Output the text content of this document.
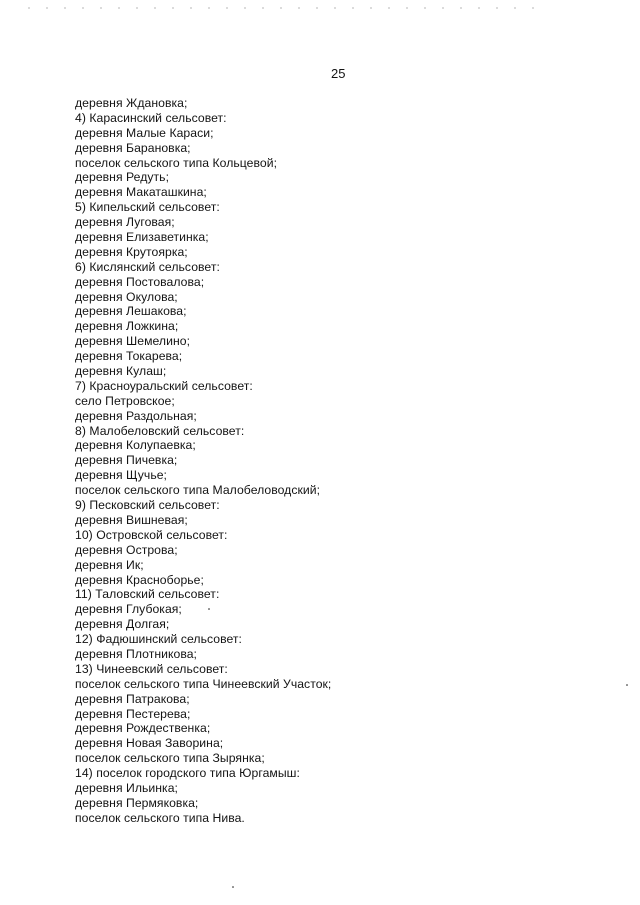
25
деревня Ждановка;
4) Карасинский сельсовет:
деревня Малые Караси;
деревня Барановка;
поселок сельского типа Кольцевой;
деревня Редуть;
деревня Макаташкина;
5) Кипельский сельсовет:
деревня Луговая;
деревня Елизаветинка;
деревня Крутоярка;
6) Кислянский сельсовет:
деревня Постовалова;
деревня Окулова;
деревня Лешакова;
деревня Ложкина;
деревня Шемелино;
деревня Токарева;
деревня Кулаш;
7) Красноуральский сельсовет:
село Петровское;
деревня Раздольная;
8) Малобеловский сельсовет:
деревня Колупаевка;
деревня Пичевка;
деревня Щучье;
поселок сельского типа Малобеловодский;
9) Песковский сельсовет:
деревня Вишневая;
10) Островской сельсовет:
деревня Острова;
деревня Ик;
деревня Красноборье;
11) Таловский сельсовет:
деревня Глубокая;
деревня Долгая;
12) Фадюшинский сельсовет:
деревня Плотникова;
13) Чинеевский сельсовет:
поселок сельского типа Чинеевский Участок;
деревня Патракова;
деревня Пестерева;
деревня Рождественка;
деревня Новая Заворина;
поселок сельского типа Зырянка;
14) поселок городского типа Юргамыш:
деревня Ильинка;
деревня Пермяковка;
поселок сельского типа Нива.
